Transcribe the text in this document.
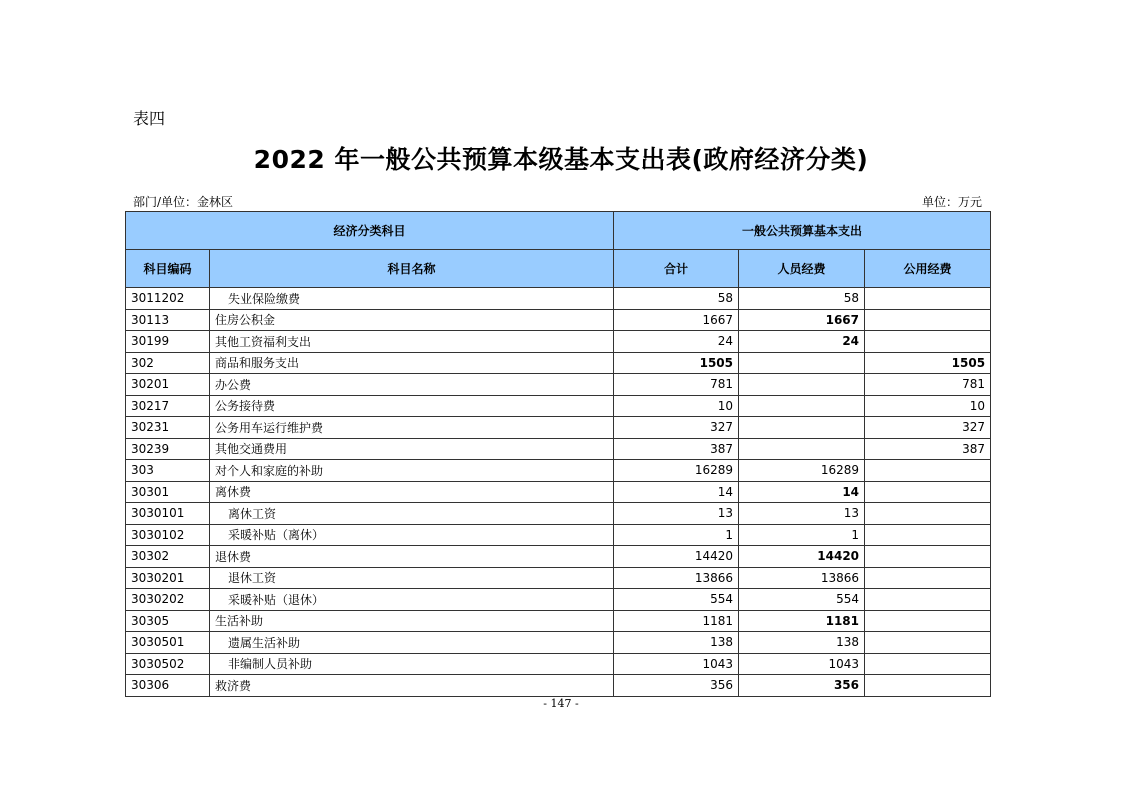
表四
2022 年一般公共预算本级基本支出表(政府经济分类)
部门/单位：金林区	单位：万元
经济分类科目		一般公共预算基本支出		
科目编码	科目名称	合计	人员经费	公用经费
3011202	失业保险缴费	58	58	
30113	住房公积金	1667	1667	
30199	其他工资福利支出	24	24	
302	商品和服务支出	1505		1505
30201	办公费	781		781
30217	公务接待费	10		10
30231	公务用车运行维护费	327		327
30239	其他交通费用	387		387
303	对个人和家庭的补助	16289	16289	
30301	离休费	14	14	
3030101	离休工资	13	13	
3030102	采暖补贴（离休）	1	1	
30302	退休费	14420	14420	
3030201	退休工资	13866	13866	
3030202	采暖补贴（退休）	554	554	
30305	生活补助	1181	1181	
3030501	遗属生活补助	138	138	
3030502	非编制人员补助	1043	1043	
30306	救济费	356	356	
- 147 -
